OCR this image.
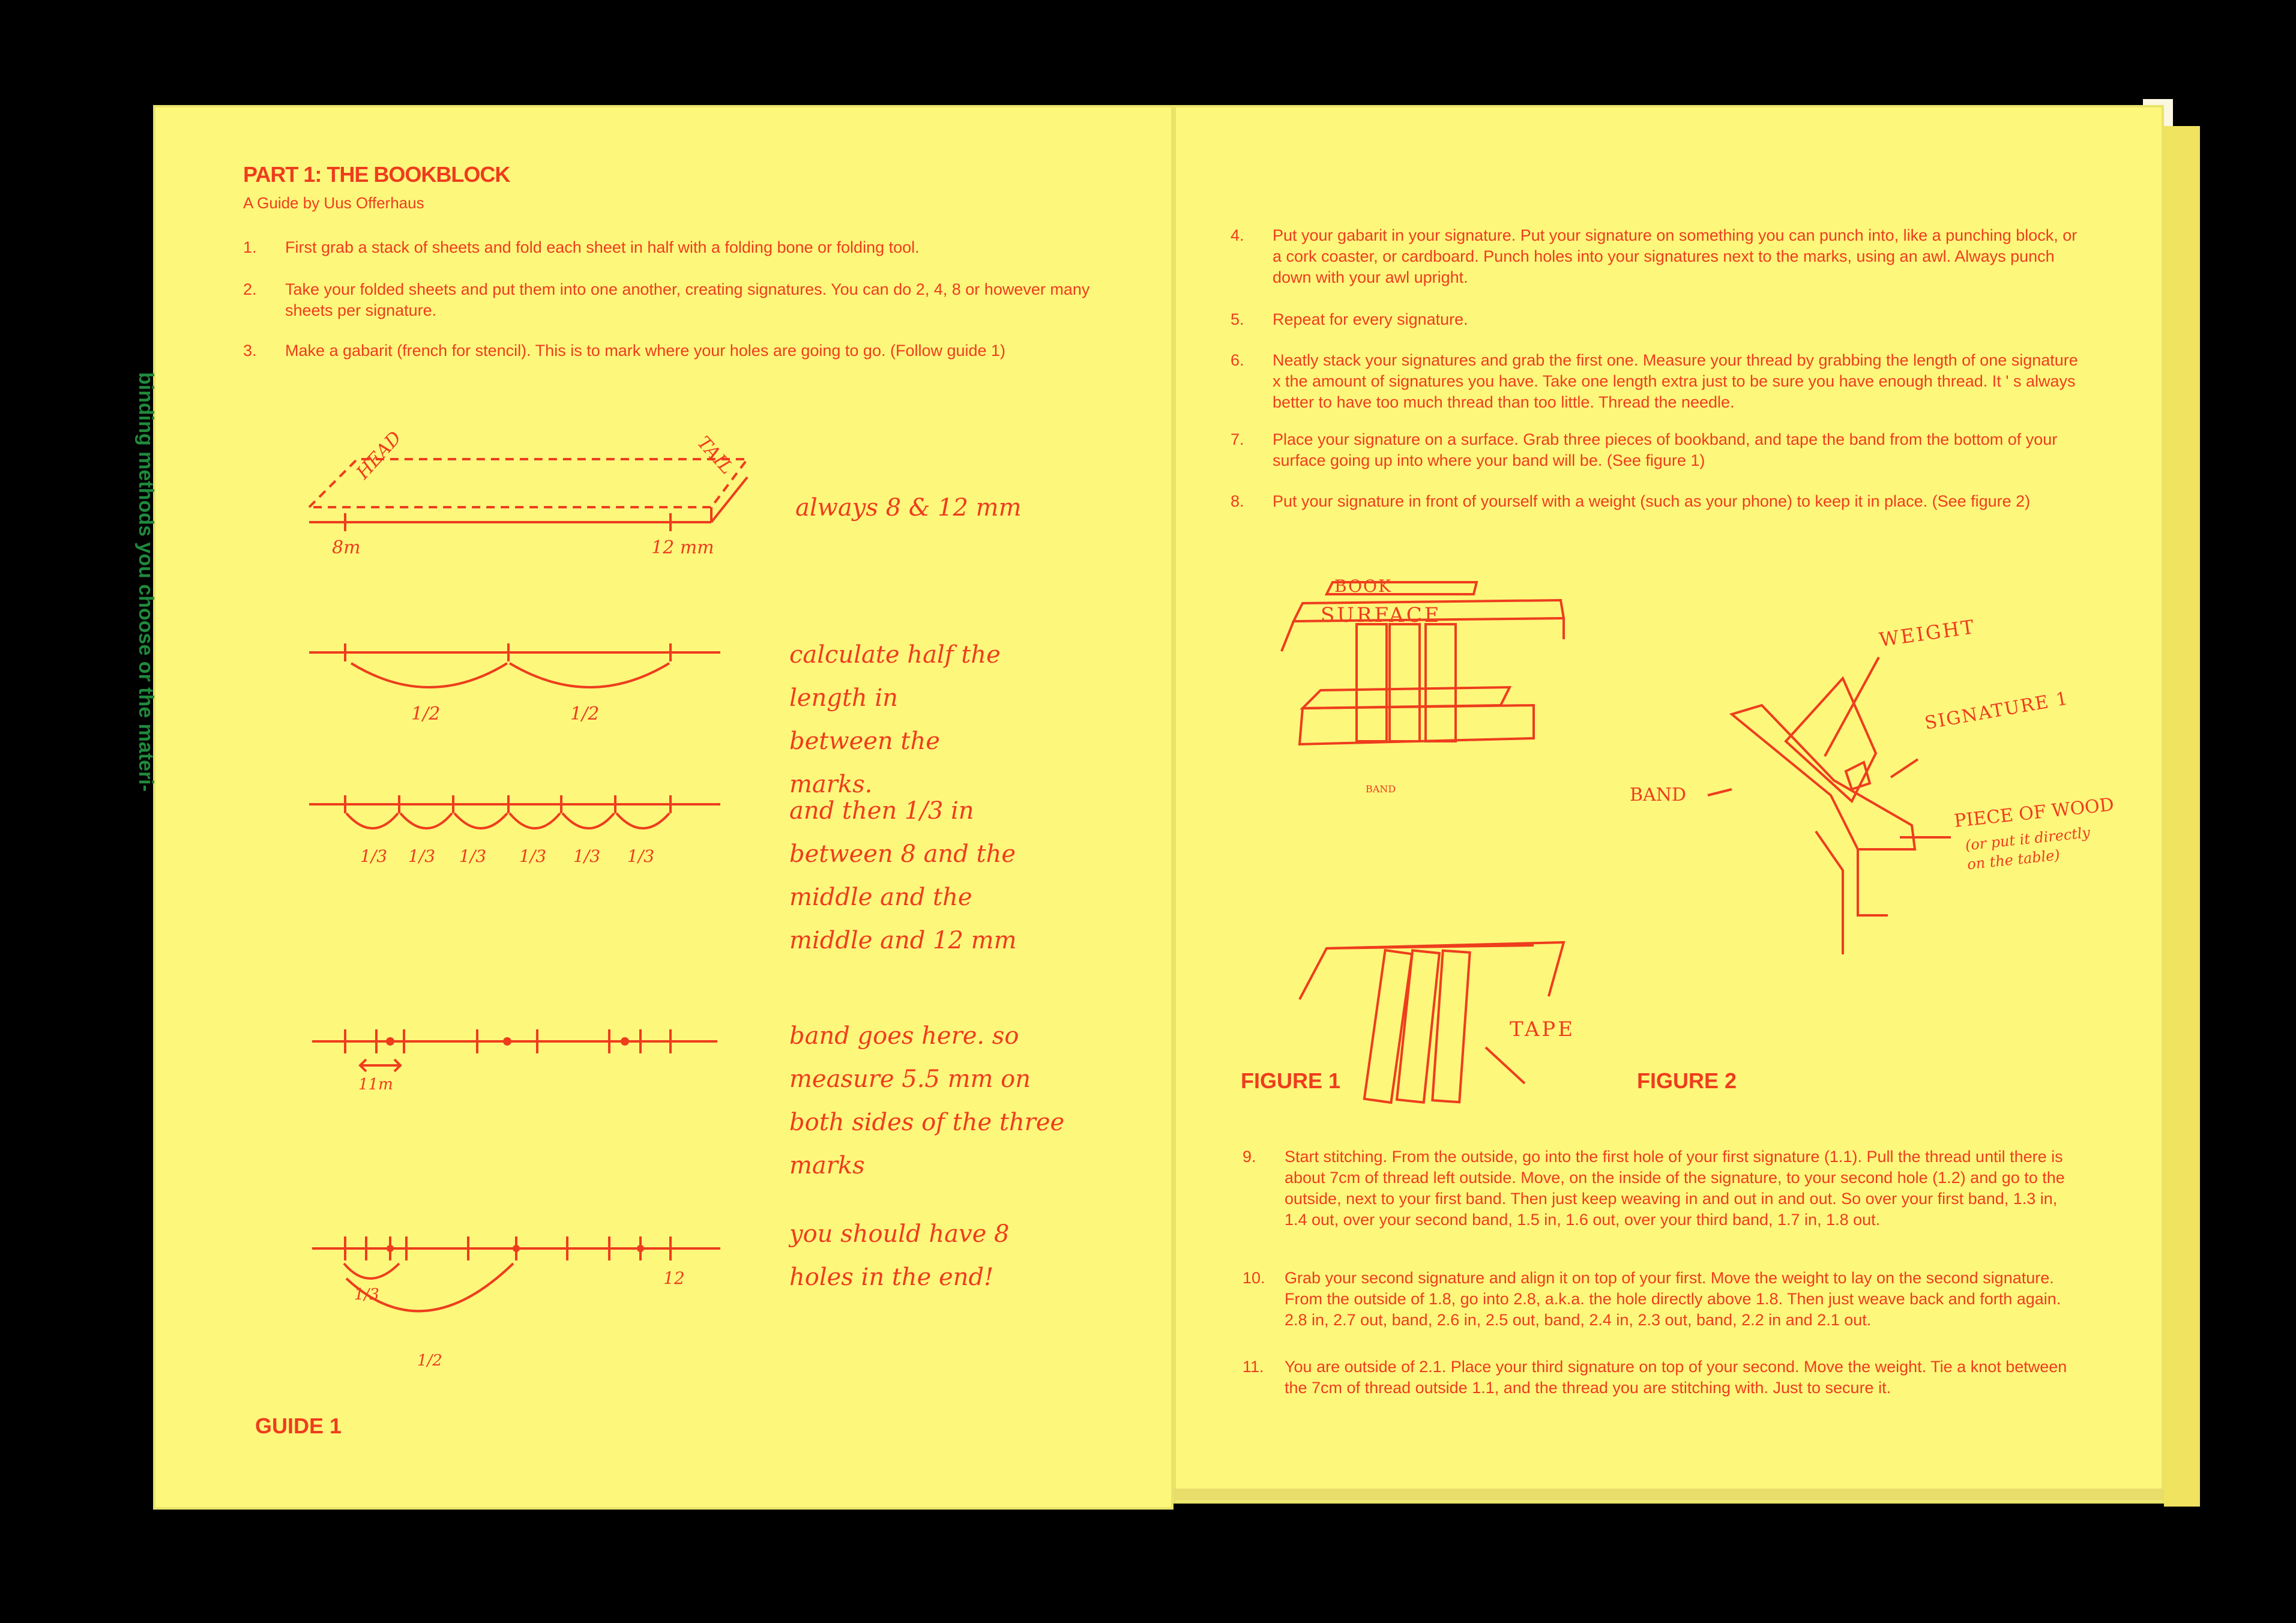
PART 1: THE BOOKBLOCK
A Guide by Uus Offerhaus
1.	First grab a stack of sheets and fold each sheet in half with a folding bone or folding tool.
2.	Take your folded sheets and put them into one another, creating signatures. You can do 2, 4, 8 or however many sheets per signature.
3.	Make a gabarit (french for stencil). This is to mark where your holes are going to go. (Follow guide 1)
HEAD	TAIL
8m	12 mm
1/2	1/2
1/3 1/3 1/3 1/3 1/3 1/3
11m
1/3
1/2
12
always 8 & 12 mm
calculate half the length in between the marks.
and then 1/3 in between 8 and the middle and the middle and 12 mm
band goes here. so measure 5.5 mm on both sides of the three marks
you should have 8 holes in the end!
GUIDE 1
binding methods you choose or the materi-
4.	Put your gabarit in your signature. Put your signature on something you can punch into, like a punching block, or a cork coaster, or cardboard. Punch holes into your signatures next to the marks, using an awl. Always punch down with your awl upright.
5.	Repeat for every signature.
6.	Neatly stack your signatures and grab the first one. Measure your thread by grabbing the length of one signature x the amount of signatures you have. Take one length extra just to be sure you have enough thread. It ' s always better to have too much thread than too little. Thread the needle.
7.	Place your signature on a surface. Grab three pieces of bookband, and tape the band from the bottom of your surface going up into where your band will be. (See figure 1)
8.	Put your signature in front of yourself with a weight (such as your phone) to keep it in place. (See figure 2)
BOOK
SURFACE
BAND
TAPE
FIGURE 1
WEIGHT
SIGNATURE 1
BAND	PIECE OF WOOD
(or put it directly on the table)
FIGURE 2
9.	Start stitching. From the outside, go into the first hole of your first signature (1.1). Pull the thread until there is about 7cm of thread left outside. Move, on the inside of the signature, to your second hole (1.2) and go to the outside, next to your first band. Then just keep weaving in and out in and out. So over your first band, 1.3 in, 1.4 out, over your second band, 1.5 in, 1.6 out, over your third band, 1.7 in, 1.8 out.
10.	Grab your second signature and align it on top of your first. Move the weight to lay on the second signature. From the outside of 1.8, go into 2.8, a.k.a. the hole directly above 1.8. Then just weave back and forth again. 2.8 in, 2.7 out, band, 2.6 in, 2.5 out, band, 2.4 in, 2.3 out, band, 2.2 in and 2.1 out.
11.	You are outside of 2.1. Place your third signature on top of your second. Move the weight. Tie a knot between the 7cm of thread outside 1.1, and the thread you are stitching with. Just to secure it.
